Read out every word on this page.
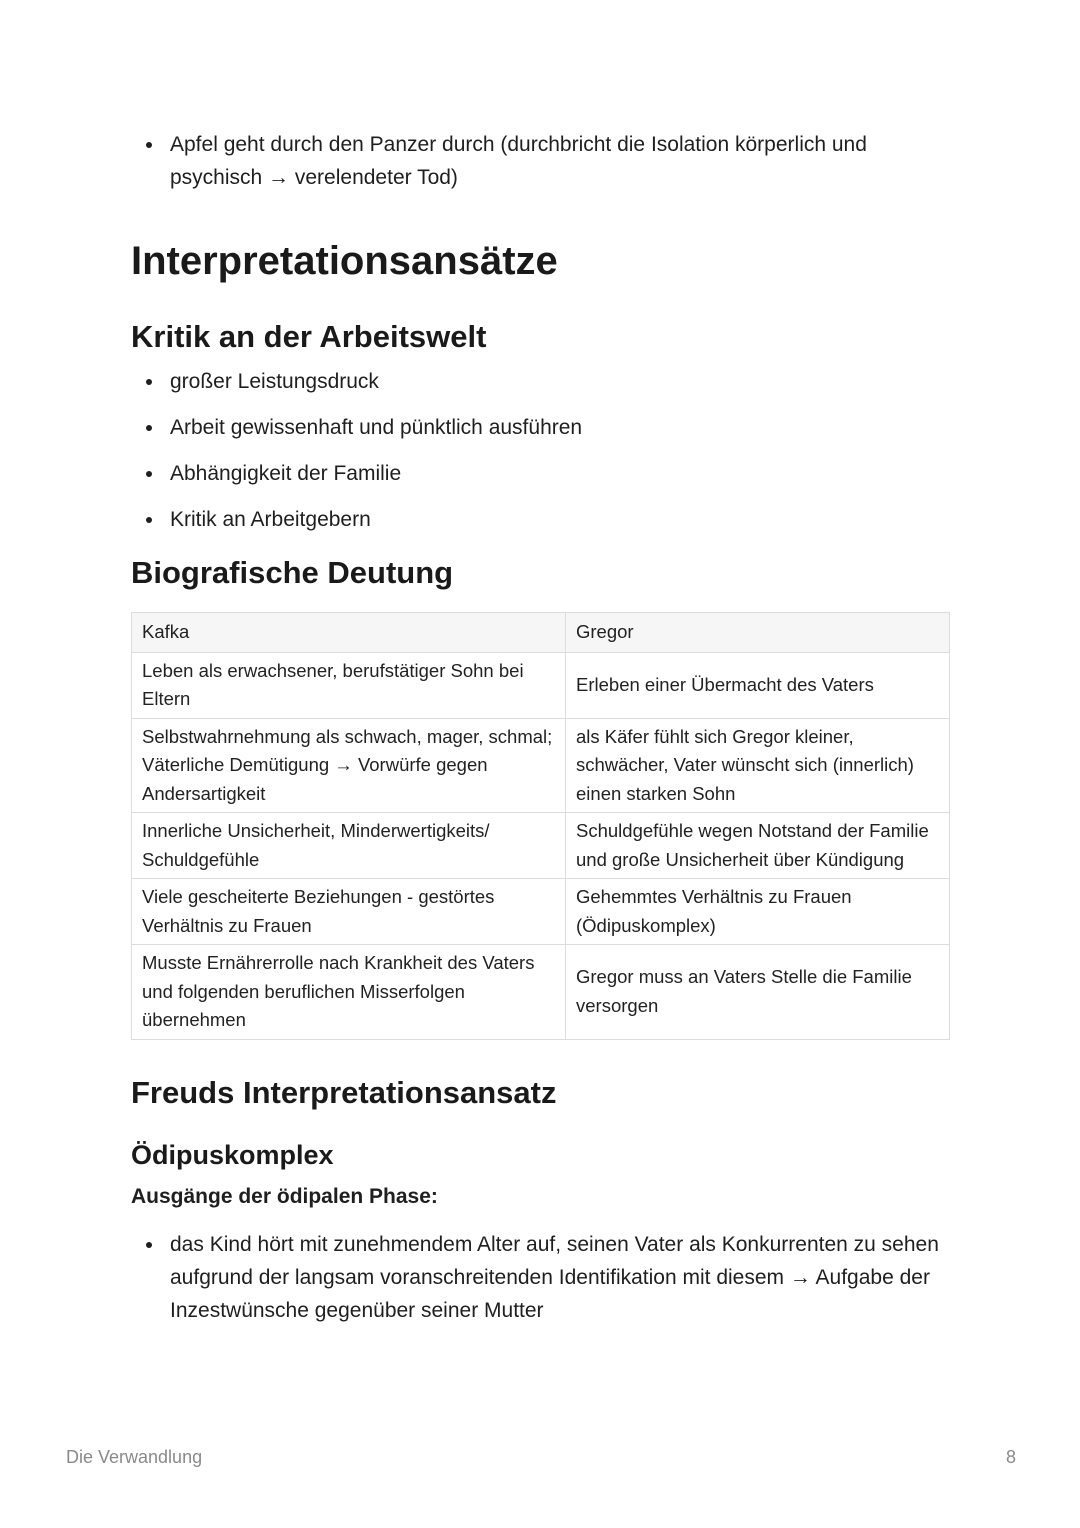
Apfel geht durch den Panzer durch (durchbricht die Isolation körperlich und psychisch → verelendeter Tod)
Interpretationsansätze
Kritik an der Arbeitswelt
großer Leistungsdruck
Arbeit gewissenhaft und pünktlich ausführen
Abhängigkeit der Familie
Kritik an Arbeitgebern
Biografische Deutung
Kafka	Gregor
Leben als erwachsener, berufstätiger Sohn bei Eltern	Erleben einer Übermacht des Vaters
Selbstwahrnehmung als schwach, mager, schmal; Väterliche Demütigung → Vorwürfe gegen Andersartigkeit	als Käfer fühlt sich Gregor kleiner, schwächer, Vater wünscht sich (innerlich) einen starken Sohn
Innerliche Unsicherheit, Minderwertigkeits/ Schuldgefühle	Schuldgefühle wegen Notstand der Familie und große Unsicherheit über Kündigung
Viele gescheiterte Beziehungen - gestörtes Verhältnis zu Frauen	Gehemmtes Verhältnis zu Frauen (Ödipuskomplex)
Musste Ernährerrolle nach Krankheit des Vaters und folgenden beruflichen Misserfolgen übernehmen	Gregor muss an Vaters Stelle die Familie versorgen
Freuds Interpretationsansatz
Ödipuskomplex
Ausgänge der ödipalen Phase:
das Kind hört mit zunehmendem Alter auf, seinen Vater als Konkurrenten zu sehen aufgrund der langsam voranschreitenden Identifikation mit diesem → Aufgabe der Inzestwünsche gegenüber seiner Mutter
Die Verwandlung	8
